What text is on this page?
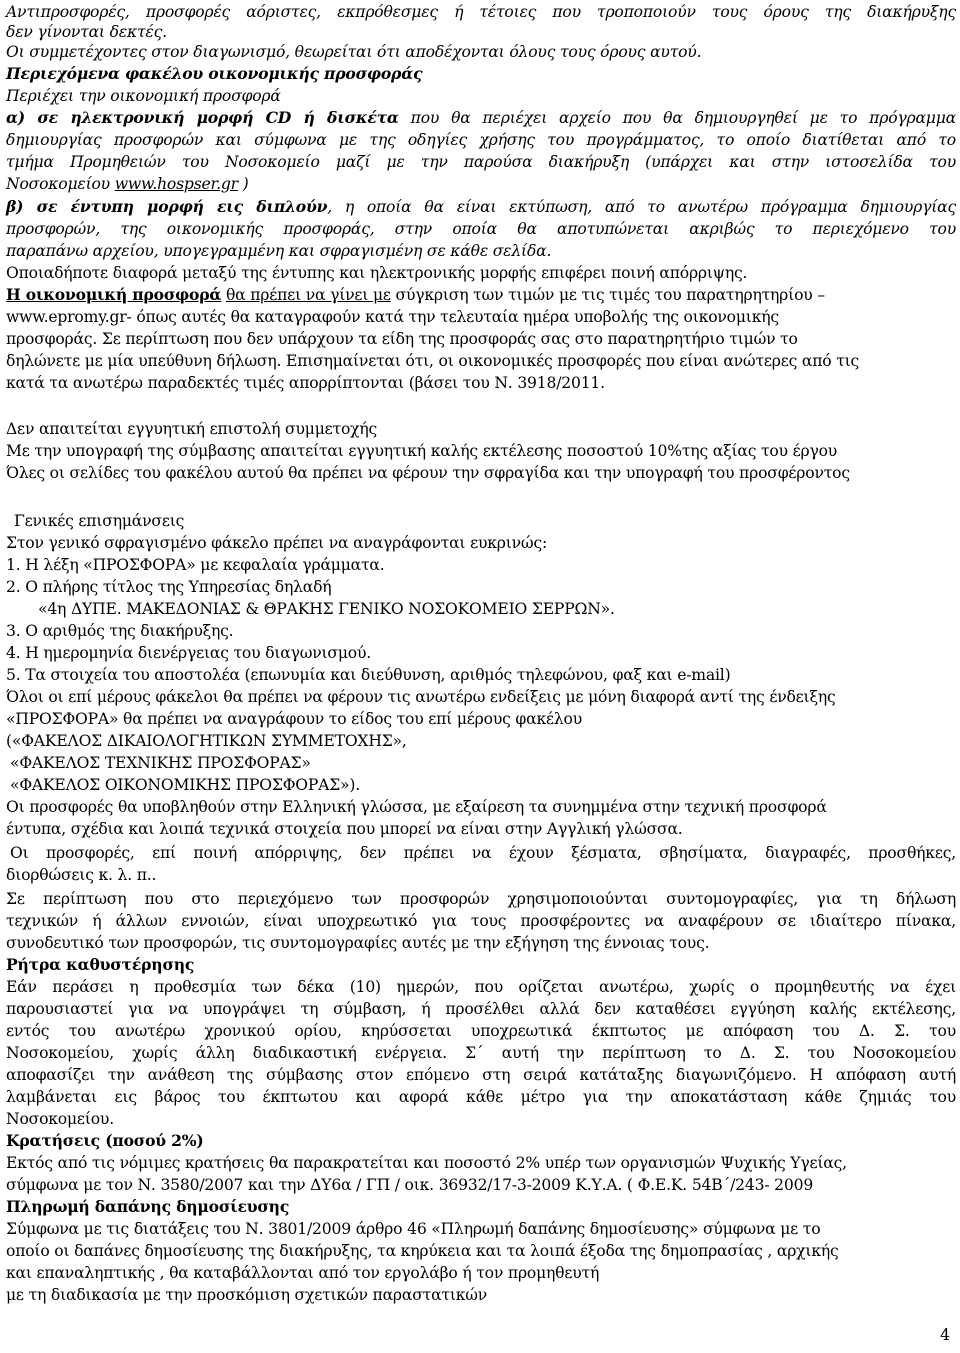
Αντιπροσφορές, προσφορές αόριστες, εκπρόθεσμες ή τέτοιες που τροποποιούν τους όρους της διακήρυξης

δεν γίνονται δεκτές.

Οι συμμετέχοντες στον διαγωνισμό, θεωρείται ότι αποδέχονται όλους τους όρους αυτού.

Περιεχόμενα φακέλου οικονομικής προσφοράς

Περιέχει την οικονομική προσφορά

α) σε ηλεκτρονική μορφή CD ή δισκέτα που θα περιέχει αρχείο που θα δημιουργηθεί με το πρόγραμμα

δημιουργίας προσφορών και σύμφωνα με της οδηγίες χρήσης του προγράμματος, το οποίο διατίθεται από το

τμήμα Προμηθειών του Νοσοκομείο μαζί με την παρούσα διακήρυξη (υπάρχει και στην ιστοσελίδα του

Νοσοκομείου www.hospser.gr )

β) σε έντυπη μορφή εις διπλούν, η οποία θα είναι εκτύπωση, από το ανωτέρω πρόγραμμα δημιουργίας

προσφορών, της οικονομικής προσφοράς, στην οποία θα αποτυπώνεται ακριβώς το περιεχόμενο του

παραπάνω αρχείου, υπογεγραμμένη και σφραγισμένη σε κάθε σελίδα.

Οποιαδήποτε διαφορά μεταξύ της έντυπης και ηλεκτρονικής μορφής επιφέρει ποινή απόρριψης.

Η οικονομική προσφορά θα πρέπει να γίνει με σύγκριση των τιμών με τις τιμές του παρατηρητηρίου –

www.epromy.gr- όπως αυτές θα καταγραφούν κατά την τελευταία ημέρα υποβολής της οικονομικής

προσφοράς. Σε περίπτωση που δεν υπάρχουν τα είδη της προσφοράς σας στο παρατηρητήριο τιμών το

δηλώνετε με μία υπεύθυνη δήλωση. Επισημαίνεται ότι, οι οικονομικές προσφορές που είναι ανώτερες από τις

κατά τα ανωτέρω παραδεκτές τιμές απορρίπτονται (βάσει του Ν. 3918/2011.

Δεν απαιτείται εγγυητική επιστολή συμμετοχής

Με την υπογραφή της σύμβασης απαιτείται εγγυητική καλής εκτέλεσης ποσοστού 10%της αξίας του έργου

Όλες οι σελίδες του φακέλου αυτού θα πρέπει να φέρουν την σφραγίδα και την υπογραφή του προσφέροντος

Γενικές επισημάνσεις

Στον γενικό σφραγισμένο φάκελο πρέπει να αναγράφονται ευκρινώς:

1. Η λέξη «ΠΡΟΣΦΟΡΑ» με κεφαλαία γράμματα.

2. Ο πλήρης τίτλος της Υπηρεσίας δηλαδή

«4η ΔΥΠΕ. ΜΑΚΕΔΟΝΙΑΣ & ΘΡΑΚΗΣ ΓΕΝΙΚΟ ΝΟΣΟΚΟΜΕΙΟ ΣΕΡΡΩΝ».

3. Ο αριθμός της διακήρυξης.

4. Η ημερομηνία διενέργειας του διαγωνισμού.

5. Τα στοιχεία του αποστολέα (επωνυμία και διεύθυνση, αριθμός τηλεφώνου, φαξ και e-mail)

Όλοι οι επί μέρους φάκελοι θα πρέπει να φέρουν τις ανωτέρω ενδείξεις με μόνη διαφορά αντί της ένδειξης

«ΠΡΟΣΦΟΡΑ» θα πρέπει να αναγράφουν το είδος του επί μέρους φακέλου

(«ΦΑΚΕΛΟΣ ΔΙΚΑΙΟΛΟΓΗΤΙΚΩΝ ΣΥΜΜΕΤΟΧΗΣ»,

«ΦΑΚΕΛΟΣ ΤΕΧΝΙΚΗΣ ΠΡΟΣΦΟΡΑΣ»

«ΦΑΚΕΛΟΣ ΟΙΚΟΝΟΜΙΚΗΣ ΠΡΟΣΦΟΡΑΣ»).

Οι προσφορές θα υποβληθούν στην Ελληνική γλώσσα, με εξαίρεση τα συνημμένα στην τεχνική προσφορά

έντυπα, σχέδια και λοιπά τεχνικά στοιχεία που μπορεί να είναι στην Αγγλική γλώσσα.

Οι προσφορές, επί ποινή απόρριψης, δεν πρέπει να έχουν ξέσματα, σβησίματα, διαγραφές, προσθήκες,

διορθώσεις κ. λ. π..

Σε περίπτωση που στο περιεχόμενο των προσφορών χρησιμοποιούνται συντομογραφίες, για τη δήλωση

τεχνικών ή άλλων εννοιών, είναι υποχρεωτικό για τους προσφέροντες να αναφέρουν σε ιδιαίτερο πίνακα,

συνοδευτικό των προσφορών, τις συντομογραφίες αυτές με την εξήγηση της έννοιας τους.

Ρήτρα καθυστέρησης

Εάν περάσει η προθεσμία των δέκα (10) ημερών, που ορίζεται ανωτέρω, χωρίς ο προμηθευτής να έχει

παρουσιαστεί για να υπογράψει τη σύμβαση, ή προσέλθει αλλά δεν καταθέσει εγγύηση καλής εκτέλεσης,

εντός του ανωτέρω χρονικού ορίου, κηρύσσεται υποχρεωτικά έκπτωτος με απόφαση του Δ. Σ. του

Νοσοκομείου, χωρίς άλλη διαδικαστική ενέργεια. Σ΄ αυτή την περίπτωση το Δ. Σ. του Νοσοκομείου

αποφασίζει την ανάθεση της σύμβασης στον επόμενο στη σειρά κατάταξης διαγωνιζόμενο. Η απόφαση αυτή

λαμβάνεται εις βάρος του έκπτωτου και αφορά κάθε μέτρο για την αποκατάσταση κάθε ζημιάς του

Νοσοκομείου.

Κρατήσεις (ποσού 2%)

Εκτός από τις νόμιμες κρατήσεις θα παρακρατείται και ποσοστό 2% υπέρ των οργανισμών Ψυχικής Υγείας,

σύμφωνα με τον Ν. 3580/2007 και την ΔΥ6α / ΓΠ / οικ. 36932/17-3-2009 Κ.Υ.Α. ( Φ.Ε.Κ. 54Β΄/243- 2009

Πληρωμή δαπάνης δημοσίευσης

Σύμφωνα με τις διατάξεις του Ν. 3801/2009 άρθρο 46 «Πληρωμή δαπάνης δημοσίευσης» σύμφωνα με το

οποίο οι δαπάνες δημοσίευσης της διακήρυξης, τα κηρύκεια και τα λοιπά έξοδα της δημοπρασίας , αρχικής

και επαναληπτικής , θα καταβάλλονται από τον εργολάβο ή τον προμηθευτή

με τη διαδικασία με την προσκόμιση σχετικών παραστατικών

4
